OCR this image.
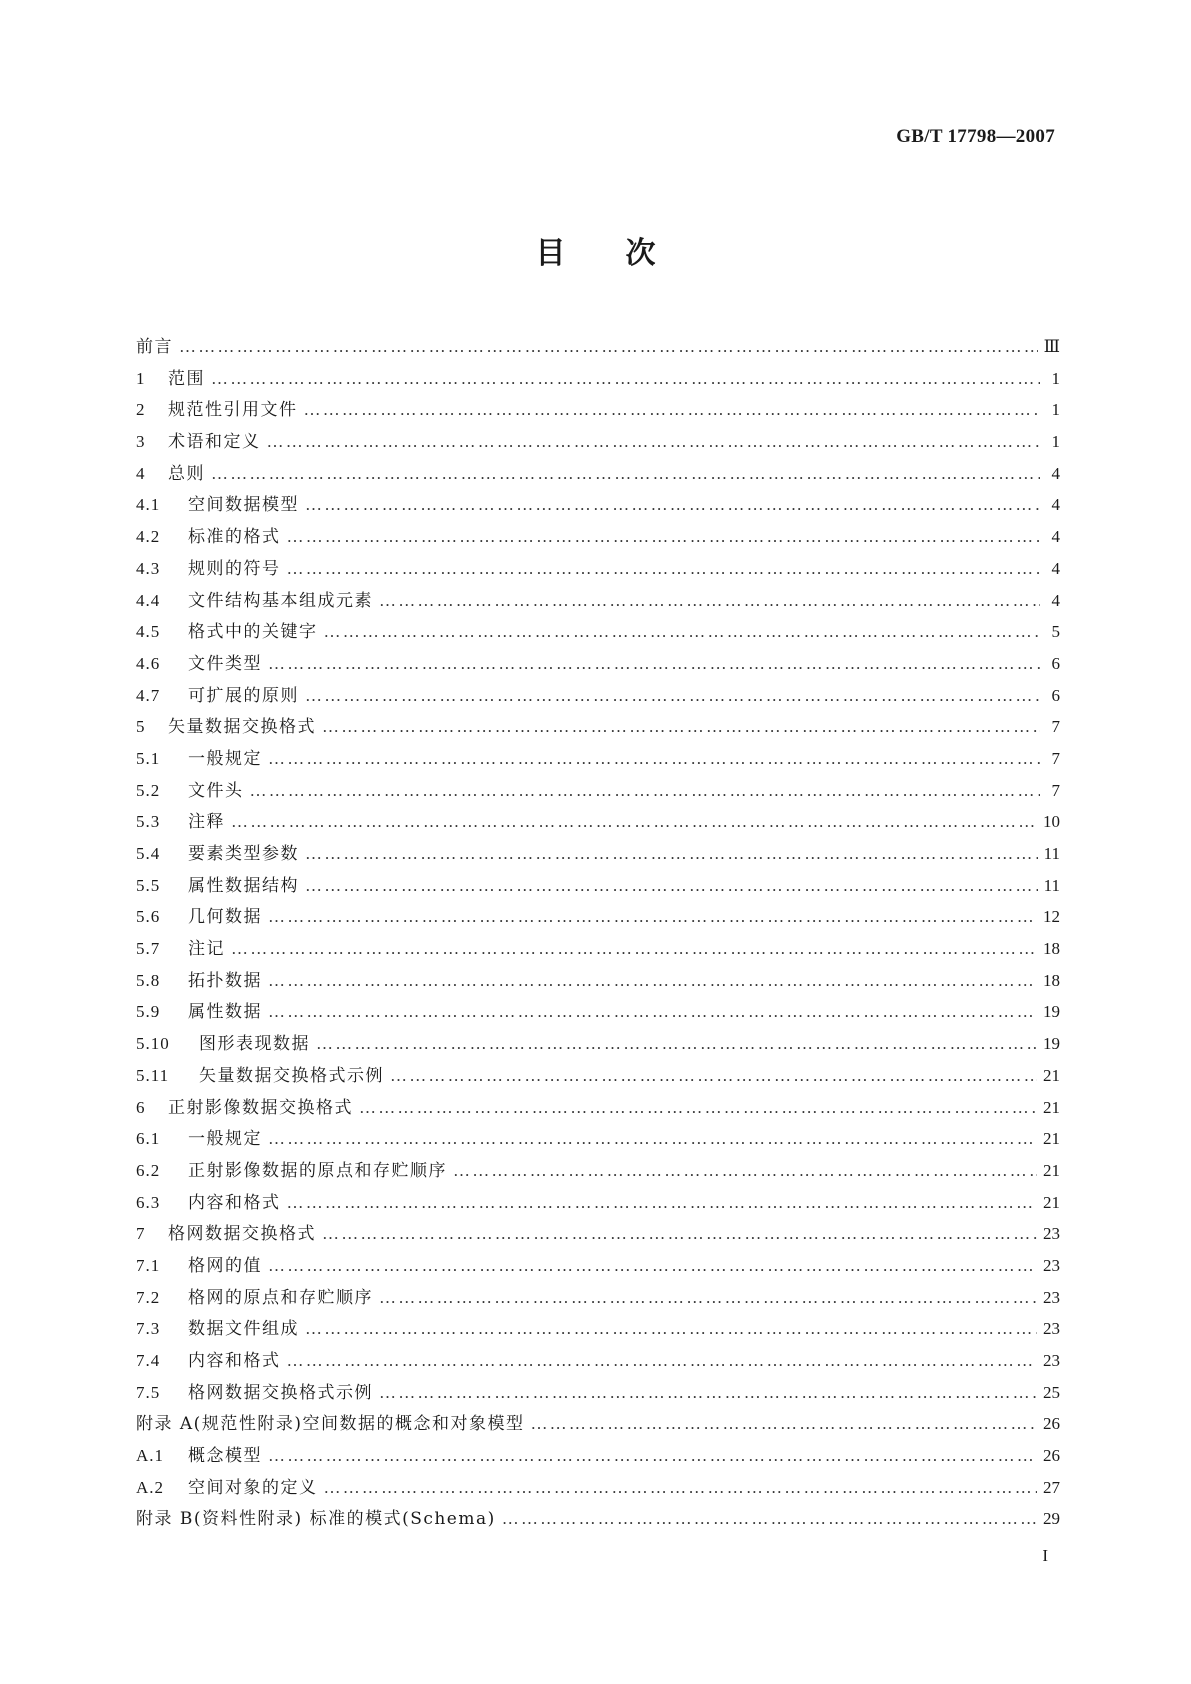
GB/T 17798—2007
目次
前言 ……………………………………………………………………………………………………………………………………………………………………………………………………………	Ⅲ
1	范围 ……………………………………………………………………………………………………………………………………………………………………………………………………………	1
2	规范性引用文件 ……………………………………………………………………………………………………………………………………………………………………………………………………………	1
3	术语和定义 ……………………………………………………………………………………………………………………………………………………………………………………………………………	1
4	总则 ……………………………………………………………………………………………………………………………………………………………………………………………………………	4
4.1	空间数据模型 ……………………………………………………………………………………………………………………………………………………………………………………………………………	4
4.2	标准的格式 ……………………………………………………………………………………………………………………………………………………………………………………………………………	4
4.3	规则的符号 ……………………………………………………………………………………………………………………………………………………………………………………………………………	4
4.4	文件结构基本组成元素 ……………………………………………………………………………………………………………………………………………………………………………………………………………	4
4.5	格式中的关键字 ……………………………………………………………………………………………………………………………………………………………………………………………………………	5
4.6	文件类型 ……………………………………………………………………………………………………………………………………………………………………………………………………………	6
4.7	可扩展的原则 ……………………………………………………………………………………………………………………………………………………………………………………………………………	6
5	矢量数据交换格式 ……………………………………………………………………………………………………………………………………………………………………………………………………………	7
5.1	一般规定 ……………………………………………………………………………………………………………………………………………………………………………………………………………	7
5.2	文件头 ……………………………………………………………………………………………………………………………………………………………………………………………………………	7
5.3	注释 ……………………………………………………………………………………………………………………………………………………………………………………………………………	10
5.4	要素类型参数 ……………………………………………………………………………………………………………………………………………………………………………………………………………	11
5.5	属性数据结构 ……………………………………………………………………………………………………………………………………………………………………………………………………………	11
5.6	几何数据 ……………………………………………………………………………………………………………………………………………………………………………………………………………	12
5.7	注记 ……………………………………………………………………………………………………………………………………………………………………………………………………………	18
5.8	拓扑数据 ……………………………………………………………………………………………………………………………………………………………………………………………………………	18
5.9	属性数据 ……………………………………………………………………………………………………………………………………………………………………………………………………………	19
5.10	图形表现数据 ……………………………………………………………………………………………………………………………………………………………………………………………………………	19
5.11	矢量数据交换格式示例 ……………………………………………………………………………………………………………………………………………………………………………………………………………	21
6	正射影像数据交换格式 ……………………………………………………………………………………………………………………………………………………………………………………………………………	21
6.1	一般规定 ……………………………………………………………………………………………………………………………………………………………………………………………………………	21
6.2	正射影像数据的原点和存贮顺序 ……………………………………………………………………………………………………………………………………………………………………………………………………………	21
6.3	内容和格式 ……………………………………………………………………………………………………………………………………………………………………………………………………………	21
7	格网数据交换格式 ……………………………………………………………………………………………………………………………………………………………………………………………………………	23
7.1	格网的值 ……………………………………………………………………………………………………………………………………………………………………………………………………………	23
7.2	格网的原点和存贮顺序 ……………………………………………………………………………………………………………………………………………………………………………………………………………	23
7.3	数据文件组成 ……………………………………………………………………………………………………………………………………………………………………………………………………………	23
7.4	内容和格式 ……………………………………………………………………………………………………………………………………………………………………………………………………………	23
7.5	格网数据交换格式示例 ……………………………………………………………………………………………………………………………………………………………………………………………………………	25
附录 A(规范性附录)空间数据的概念和对象模型 ……………………………………………………………………………………………………………………………………………………………………………………………………………	26
A.1	概念模型 ……………………………………………………………………………………………………………………………………………………………………………………………………………	26
A.2	空间对象的定义 ……………………………………………………………………………………………………………………………………………………………………………………………………………	27
附录 B(资料性附录) 标准的模式(Schema) ……………………………………………………………………………………………………………………………………………………………………………………………………………	29
I
